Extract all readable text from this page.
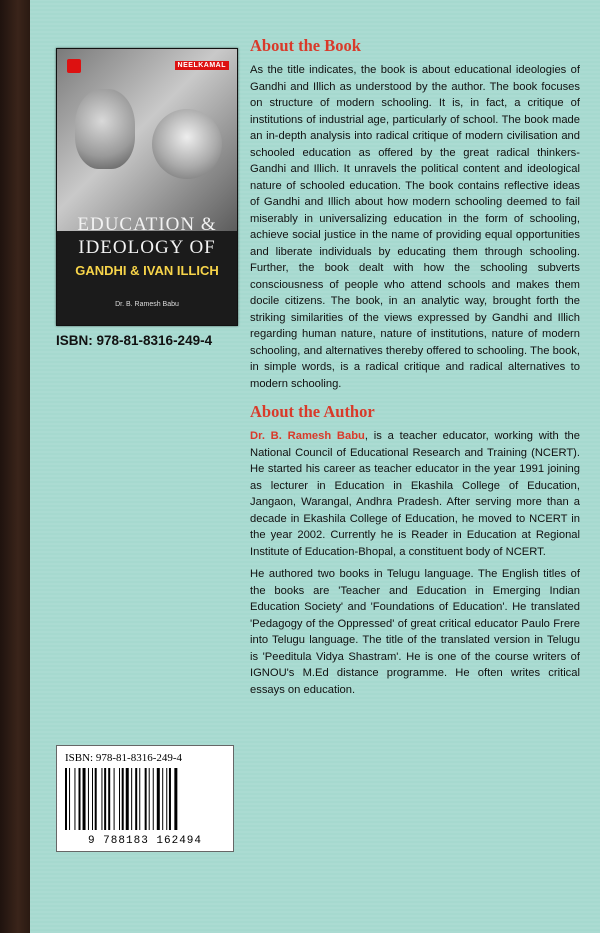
NEELKAMAL
EDUCATION &
IDEOLOGY OF
GANDHI & IVAN ILLICH
Dr. B. Ramesh Babu
ISBN: 978-81-8316-249-4
About the Book

As the title indicates, the book is about educational ideologies of Gandhi and Illich as understood by the author. The book focuses on structure of modern schooling. It is, in fact, a critique of institutions of industrial age, particularly of school. The book made an in-depth analysis into radical critique of modern civilisation and schooled education as offered by the great radical thinkers- Gandhi and Illich. It unravels the political content and ideological nature of schooled education. The book contains reflective ideas of Gandhi and Illich about how modern schooling deemed to fail miserably in universalizing education in the form of schooling, achieve social justice in the name of providing equal opportunities and liberate individuals by educating them through schooling. Further, the book dealt with how the schooling subverts consciousness of people who attend schools and makes them docile citizens. The book, in an analytic way, brought forth the striking similarities of the views expressed by Gandhi and Illich regarding human nature, nature of institutions, nature of modern schooling, and alternatives thereby offered to schooling. The book, in simple words, is a radical critique and radical alternatives to modern schooling.

About the Author

Dr. B. Ramesh Babu, is a teacher educator, working with the National Council of Educational Research and Training (NCERT). He started his career as teacher educator in the year 1991 joining as lecturer in Education in Ekashila College of Education, Jangaon, Warangal, Andhra Pradesh. After serving more than a decade in Ekashila College of Education, he moved to NCERT in the year 2002. Currently he is Reader in Education at Regional Institute of Education-Bhopal, a constituent body of NCERT.

He authored two books in Telugu language. The English titles of the books are 'Teacher and Education in Emerging Indian Education Society' and 'Foundations of Education'. He translated 'Pedagogy of the Oppressed' of great critical educator Paulo Frere into Telugu language. The title of the translated version in Telugu is 'Peeditula Vidya Shastram'. He is one of the course writers of IGNOU's M.Ed distance programme. He often writes critical essays on education.

ISBN: 978-81-8316-249-4
9 788183 162494
